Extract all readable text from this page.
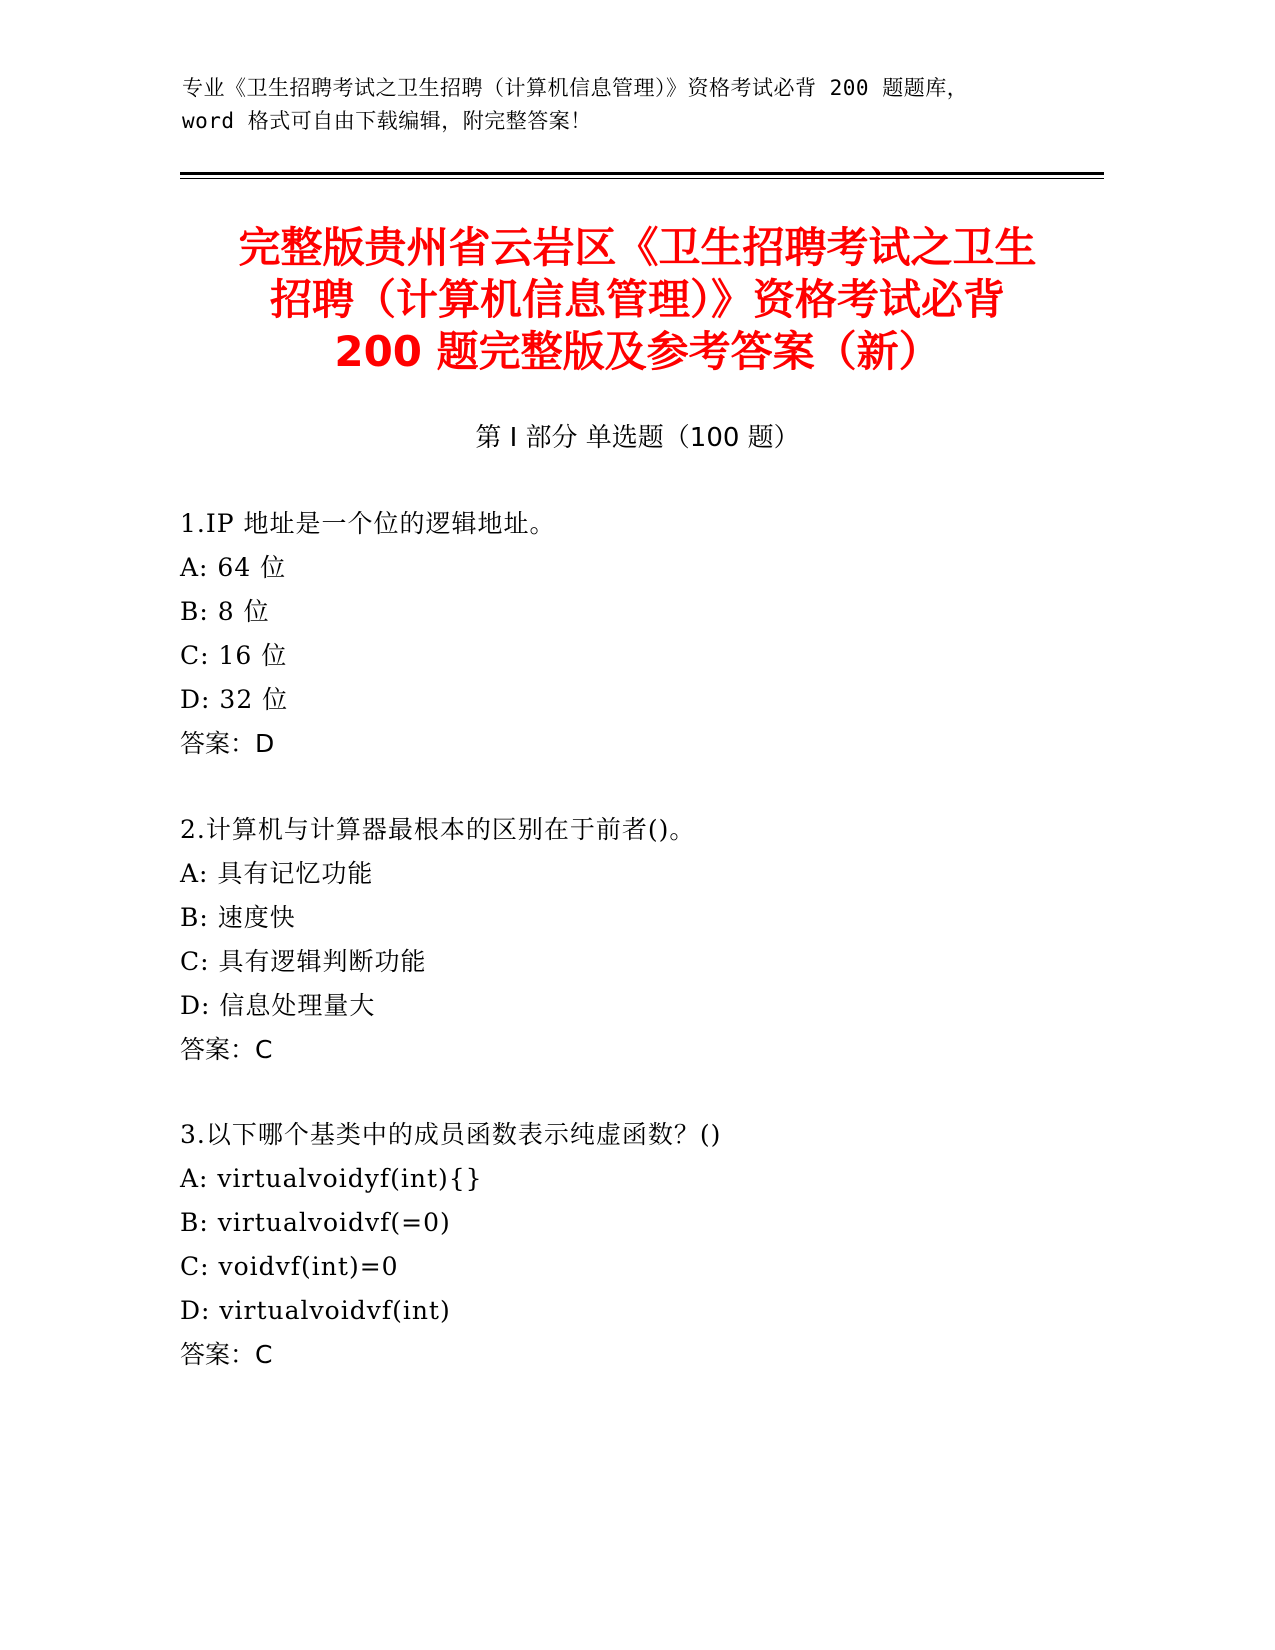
专业《卫生招聘考试之卫生招聘（计算机信息管理）》资格考试必背 200 题题库，
word 格式可自由下载编辑，附完整答案！
完整版贵州省云岩区《卫生招聘考试之卫生
招聘（计算机信息管理）》资格考试必背
200 题完整版及参考答案（新）
第 I 部分 单选题（100 题）
1.IP 地址是一个位的逻辑地址。
A: 64 位
B: 8 位
C: 16 位
D: 32 位
答案：D
2.计算机与计算器最根本的区别在于前者()。
A: 具有记忆功能
B: 速度快
C: 具有逻辑判断功能
D: 信息处理量大
答案：C
3.以下哪个基类中的成员函数表示纯虚函数？()
A: virtualvoidyf(int){}
B: virtualvoidvf(=0)
C: voidvf(int)=0
D: virtualvoidvf(int)
答案：C
